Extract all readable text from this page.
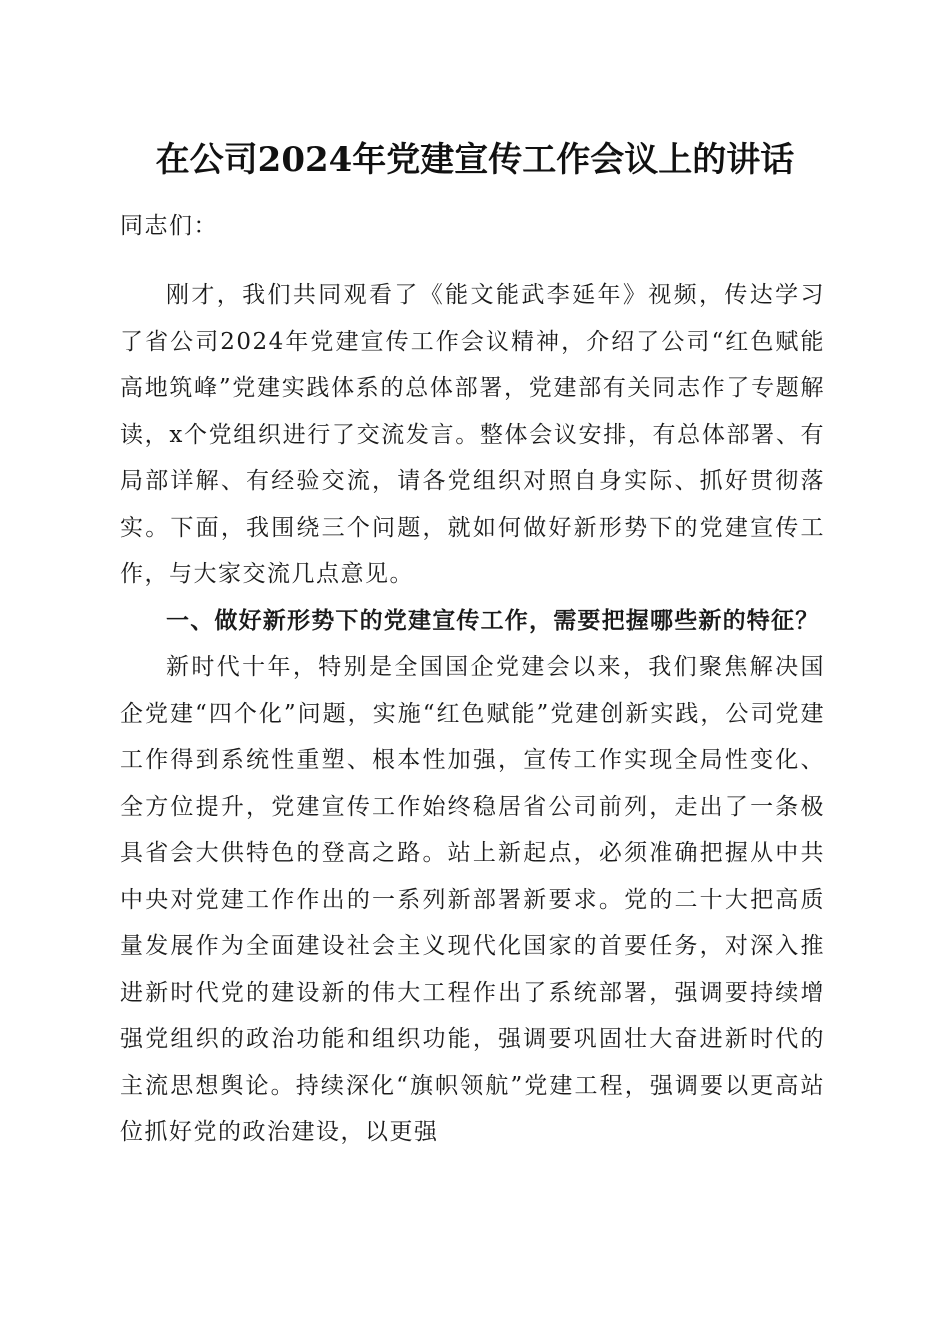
在公司2024年党建宣传工作会议上的讲话
同志们：

刚才，我们共同观看了《能文能武李延年》视频，传达学习了省公司2024年党建宣传工作会议精神，介绍了公司“红色赋能高地筑峰”党建实践体系的总体部署，党建部有关同志作了专题解读，x个党组织进行了交流发言。整体会议安排，有总体部署、有局部详解、有经验交流，请各党组织对照自身实际、抓好贯彻落实。下面，我围绕三个问题，就如何做好新形势下的党建宣传工作，与大家交流几点意见。

一、做好新形势下的党建宣传工作，需要把握哪些新的特征？

新时代十年，特别是全国国企党建会以来，我们聚焦解决国企党建“四个化”问题，实施“红色赋能”党建创新实践，公司党建工作得到系统性重塑、根本性加强，宣传工作实现全局性变化、全方位提升，党建宣传工作始终稳居省公司前列，走出了一条极具省会大供特色的登高之路。站上新起点，必须准确把握从中共中央对党建工作作出的一系列新部署新要求。党的二十大把高质量发展作为全面建设社会主义现代化国家的首要任务，对深入推进新时代党的建设新的伟大工程作出了系统部署，强调要持续增强党组织的政治功能和组织功能，强调要巩固壮大奋进新时代的主流思想舆论。持续深化“旗帜领航”党建工程，强调要以更高站位抓好党的政治建设，以更强
